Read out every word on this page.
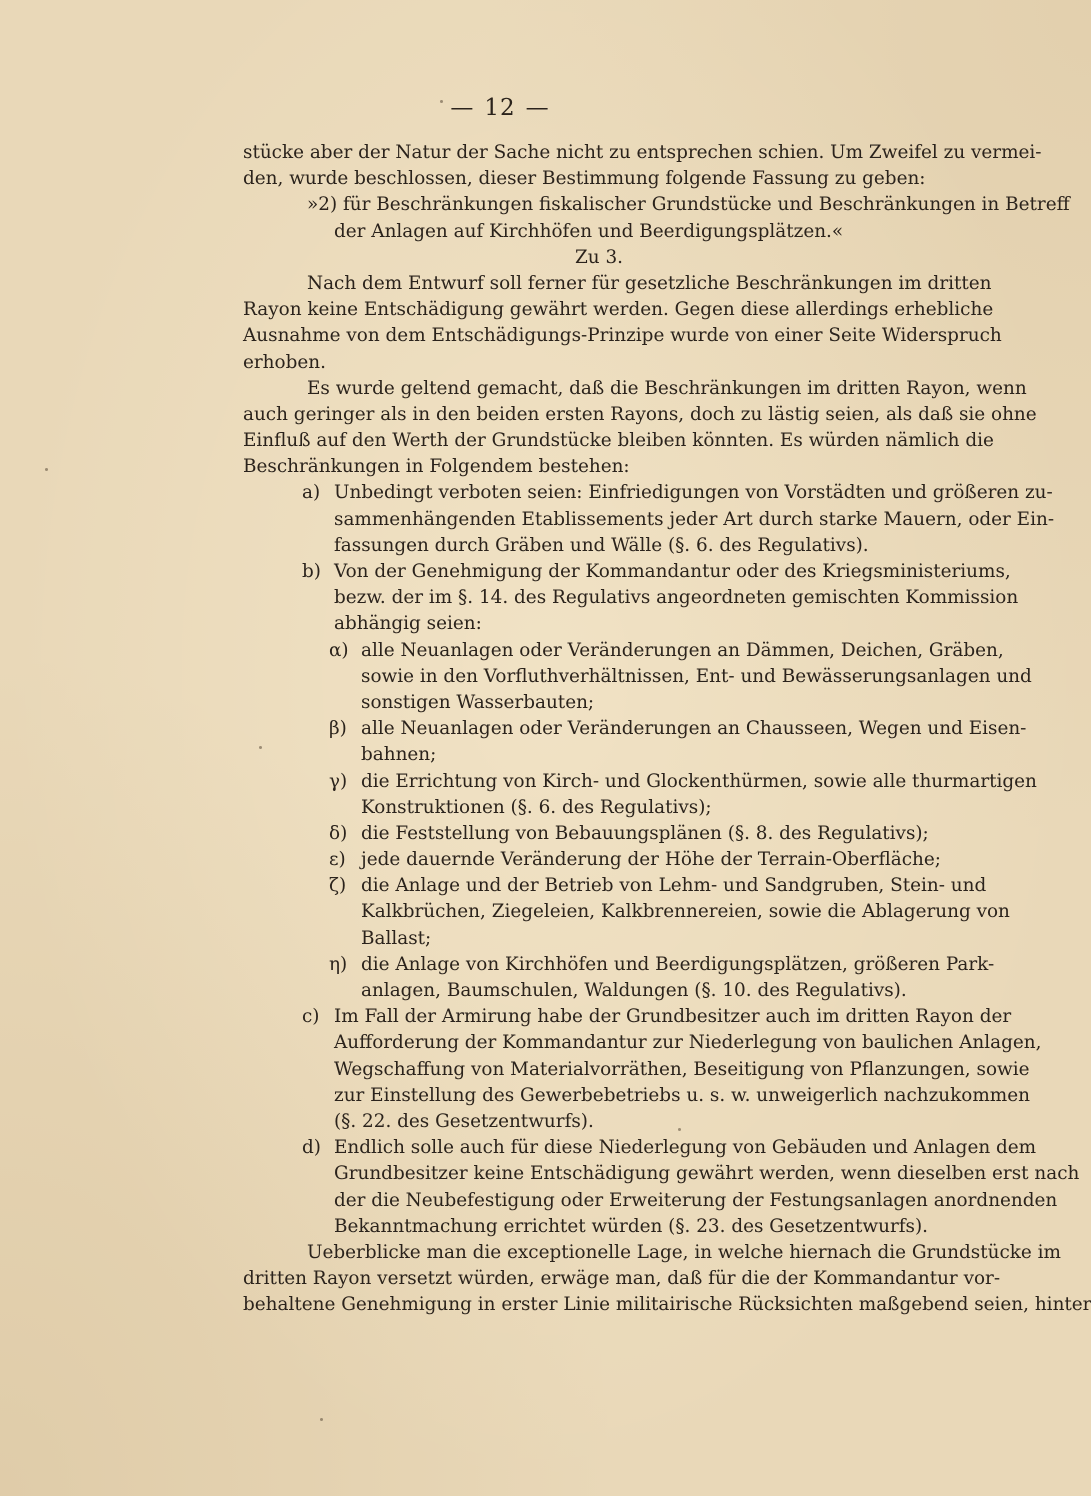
— 12 —
stücke aber der Natur der Sache nicht zu entsprechen schien. Um Zweifel zu vermei-
den, wurde beschlossen, dieser Bestimmung folgende Fassung zu geben:
»2) für Beschränkungen fiskalischer Grundstücke und Beschränkungen in Betreff
der Anlagen auf Kirchhöfen und Beerdigungsplätzen.«
Zu 3.
Nach dem Entwurf soll ferner für gesetzliche Beschränkungen im dritten
Rayon keine Entschädigung gewährt werden. Gegen diese allerdings erhebliche
Ausnahme von dem Entschädigungs-Prinzipe wurde von einer Seite Widerspruch
erhoben.
Es wurde geltend gemacht, daß die Beschränkungen im dritten Rayon, wenn
auch geringer als in den beiden ersten Rayons, doch zu lästig seien, als daß sie ohne
Einfluß auf den Werth der Grundstücke bleiben könnten. Es würden nämlich die
Beschränkungen in Folgendem bestehen:
a) Unbedingt verboten seien: Einfriedigungen von Vorstädten und größeren zu-
sammenhängenden Etablissements jeder Art durch starke Mauern, oder Ein-
fassungen durch Gräben und Wälle (§. 6. des Regulativs).
b) Von der Genehmigung der Kommandantur oder des Kriegsministeriums,
bezw. der im §. 14. des Regulativs angeordneten gemischten Kommission
abhängig seien:
α) alle Neuanlagen oder Veränderungen an Dämmen, Deichen, Gräben,
sowie in den Vorfluthverhältnissen, Ent- und Bewässerungsanlagen und
sonstigen Wasserbauten;
β) alle Neuanlagen oder Veränderungen an Chausseen, Wegen und Eisen-
bahnen;
γ) die Errichtung von Kirch- und Glockenthürmen, sowie alle thurmartigen
Konstruktionen (§. 6. des Regulativs);
δ) die Feststellung von Bebauungsplänen (§. 8. des Regulativs);
ε) jede dauernde Veränderung der Höhe der Terrain-Oberfläche;
ζ) die Anlage und der Betrieb von Lehm- und Sandgruben, Stein- und
Kalkbrüchen, Ziegeleien, Kalkbrennereien, sowie die Ablagerung von
Ballast;
η) die Anlage von Kirchhöfen und Beerdigungsplätzen, größeren Park-
anlagen, Baumschulen, Waldungen (§. 10. des Regulativs).
c) Im Fall der Armirung habe der Grundbesitzer auch im dritten Rayon der
Aufforderung der Kommandantur zur Niederlegung von baulichen Anlagen,
Wegschaffung von Materialvorräthen, Beseitigung von Pflanzungen, sowie
zur Einstellung des Gewerbebetriebs u. s. w. unweigerlich nachzukommen
(§. 22. des Gesetzentwurfs).
d) Endlich solle auch für diese Niederlegung von Gebäuden und Anlagen dem
Grundbesitzer keine Entschädigung gewährt werden, wenn dieselben erst nach
der die Neubefestigung oder Erweiterung der Festungsanlagen anordnenden
Bekanntmachung errichtet würden (§. 23. des Gesetzentwurfs).
Ueberblicke man die exceptionelle Lage, in welche hiernach die Grundstücke im
dritten Rayon versetzt würden, erwäge man, daß für die der Kommandantur vor-
behaltene Genehmigung in erster Linie militairische Rücksichten maßgebend seien, hinter
